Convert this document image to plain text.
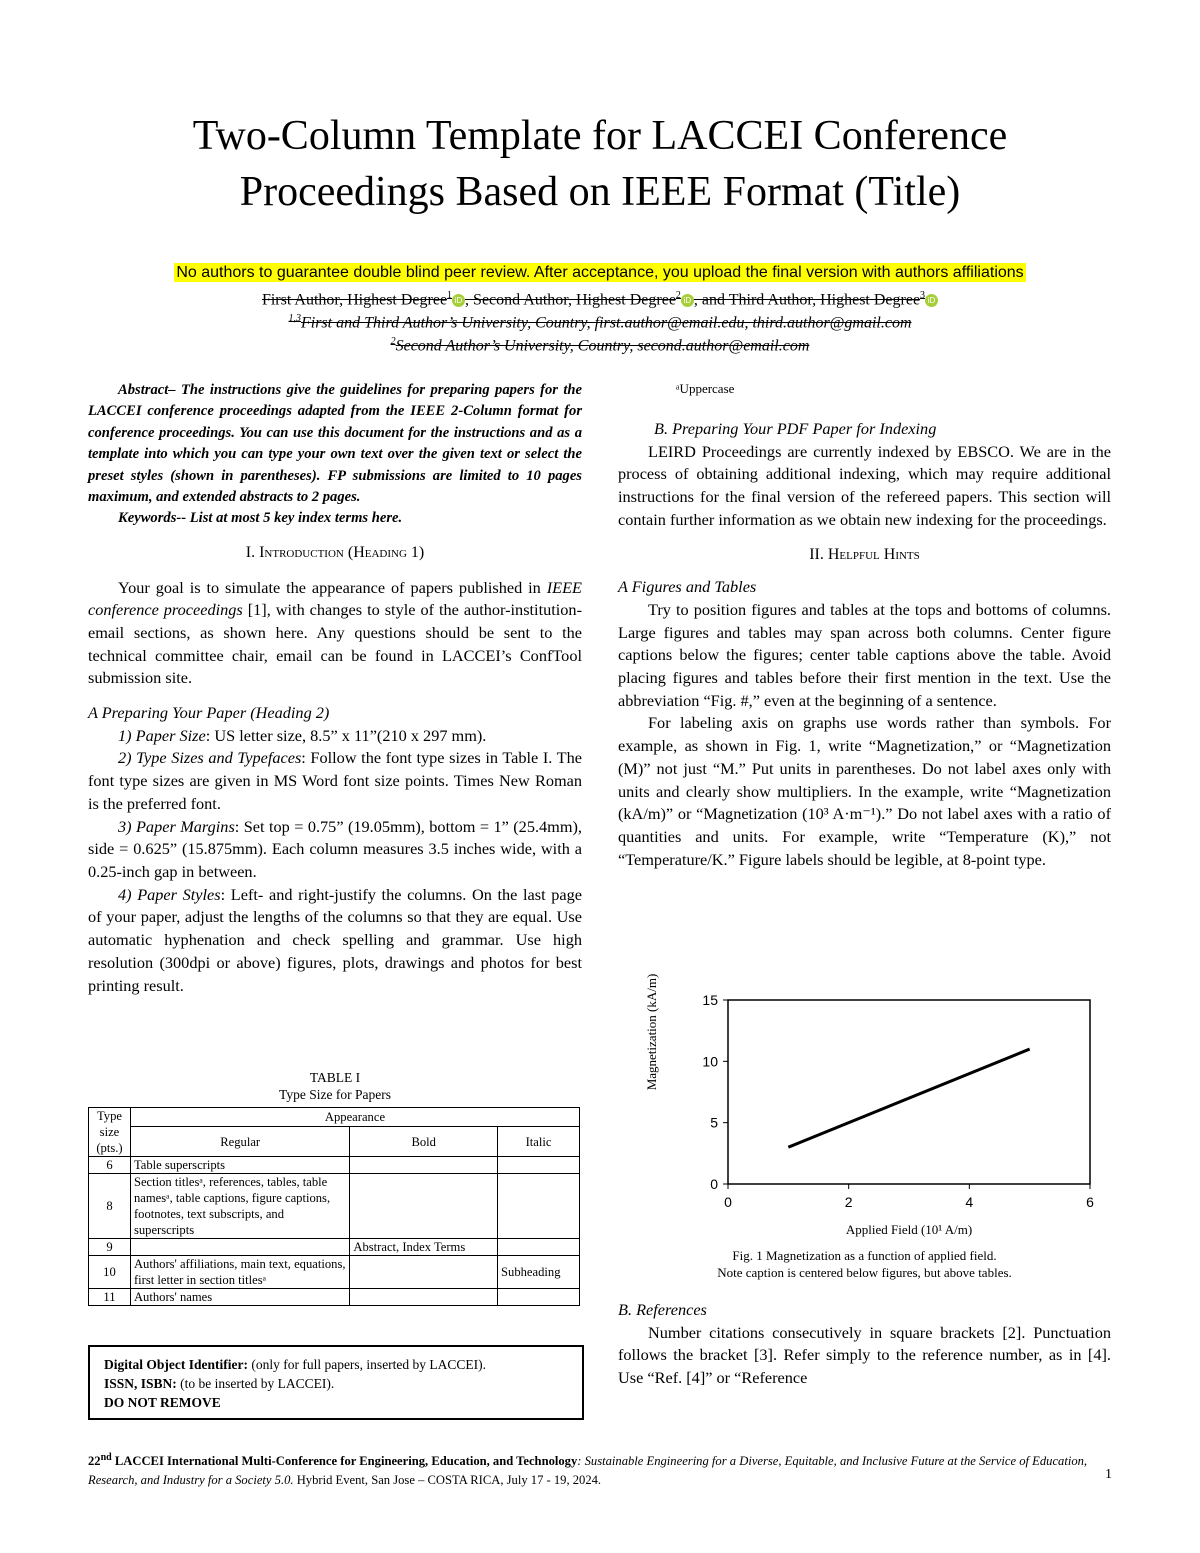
Two-Column Template for LACCEI Conference
Proceedings Based on IEEE Format (Title)
No authors to guarantee double blind peer review. After acceptance, you upload the final version with authors affiliations
First Author, Highest Degree$^1$ iD , Second Author, Highest Degree$^2$ iD , and Third Author, Highest Degree$^3$ iD
$^{1,3}$First and Third Author’s University, Country, first.author@email.edu, third.author@gmail.com
$^2$Second Author’s University, Country, second.author@email.com

Abstract– The instructions give the guidelines for preparing papers for the LACCEI conference proceedings adapted from the IEEE 2-Column format for conference proceedings. You can use this document for the instructions and as a template into which you can type your own text over the given text or select the preset styles (shown in parentheses). FP submissions are limited to 10 pages maximum, and extended abstracts to 2 pages.

Keywords-- List at most 5 key index terms here.

I. Introduction (Heading 1)

Your goal is to simulate the appearance of papers published in IEEE conference proceedings [1], with changes to style of the author-institution-email sections, as shown here. Any questions should be sent to the technical committee chair, email can be found in LACCEI’s ConfTool submission site.

A Preparing Your Paper (Heading 2)

1) Paper Size: US letter size, 8.5” x 11”(210 x 297 mm).

2) Type Sizes and Typefaces: Follow the font type sizes in Table I. The font type sizes are given in MS Word font size points. Times New Roman is the preferred font.

3) Paper Margins: Set top = 0.75” (19.05mm), bottom = 1” (25.4mm), side = 0.625” (15.875mm). Each column measures 3.5 inches wide, with a 0.25-inch gap in between.

4) Paper Styles: Left- and right-justify the columns. On the last page of your paper, adjust the lengths of the columns so that they are equal. Use automatic hyphenation and check spelling and grammar. Use high resolution (300dpi or above) figures, plots, drawings and photos for best printing result.

TABLE I
Type Size for Papers
Type size (pts.)	Appearance		
	Regular	Bold	Italic
6	Table superscripts		
8	Section titlesᵃ, references, tables, table namesᵃ, table captions, figure captions, footnotes, text subscripts, and superscripts		
9		Abstract, Index Terms	
10	Authors' affiliations, main text, equations, first letter in section titlesᵃ		Subheading
11	Authors' names		
Digital Object Identifier: (only for full papers, inserted by LACCEI).
ISSN, ISBN: (to be inserted by LACCEI).
DO NOT REMOVE
ᵃUppercase

B. Preparing Your PDF Paper for Indexing

LEIRD Proceedings are currently indexed by EBSCO. We are in the process of obtaining additional indexing, which may require additional instructions for the final version of the refereed papers. This section will contain further information as we obtain new indexing for the proceedings.

II. Helpful Hints

A Figures and Tables

Try to position figures and tables at the tops and bottoms of columns. Large figures and tables may span across both columns. Center figure captions below the figures; center table captions above the table. Avoid placing figures and tables before their first mention in the text. Use the abbreviation “Fig. #,” even at the beginning of a sentence.

For labeling axis on graphs use words rather than symbols. For example, as shown in Fig. 1, write “Magnetization,” or “Magnetization (M)” not just “M.” Put units in parentheses. Do not label axes only with units and clearly show multipliers. In the example, write “Magnetization (kA/m)” or “Magnetization (10³ A·m⁻¹).” Do not label axes with a ratio of quantities and units. For example, write “Temperature (K),” not “Temperature/K.” Figure labels should be legible, at 8-point type.

0	2	4	6
0
5
10
15
Applied Field (10¹ A/m)
Magnetization (kA/m)
Fig. 1 Magnetization as a function of applied field.
Note caption is centered below figures, but above tables.

B. References

Number citations consecutively in square brackets [2]. Punctuation follows the bracket [3]. Refer simply to the reference number, as in [4]. Use “Ref. [4]” or “Reference

22nd LACCEI International Multi-Conference for Engineering, Education, and Technology: Sustainable Engineering for a Diverse, Equitable, and Inclusive Future at the Service of Education, Research, and Industry for a Society 5.0. Hybrid Event, San Jose – COSTA RICA, July 17 - 19, 2024.	1
